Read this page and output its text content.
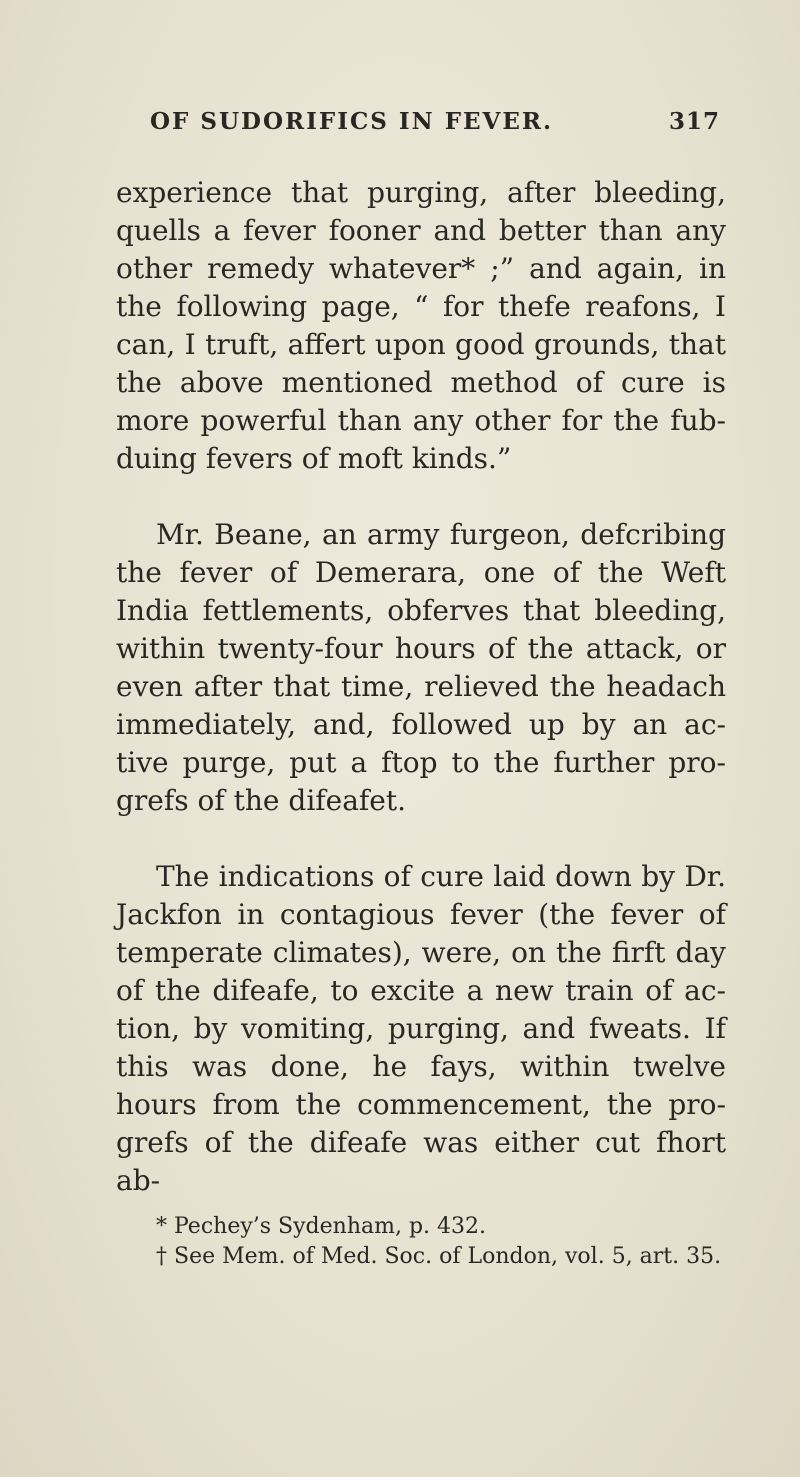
OF SUDORIFICS IN FEVER.	317

experience that purging, after bleeding, quells a fever fooner and better than any other remedy whatever* ;” and again, in the following page, “ for thefe reafons, I can, I truft, affert upon good grounds, that the above mentioned method of cure is more powerful than any other for the fub-duing fevers of moft kinds.”

Mr. Beane, an army furgeon, defcribing the fever of Demerara, one of the Weft India fettlements, obferves that bleeding, within twenty-four hours of the attack, or even after that time, relieved the headach immediately, and, followed up by an ac-tive purge, put a ftop to the further pro-grefs of the difeafet.

The indications of cure laid down by Dr. Jackfon in contagious fever (the fever of temperate climates), were, on the firft day of the difeafe, to excite a new train of ac-tion, by vomiting, purging, and fweats. If this was done, he fays, within twelve hours from the commencement, the pro-grefs of the difeafe was either cut fhort ab-

* Pechey’s Sydenham, p. 432.

† See Mem. of Med. Soc. of London, vol. 5, art. 35.
